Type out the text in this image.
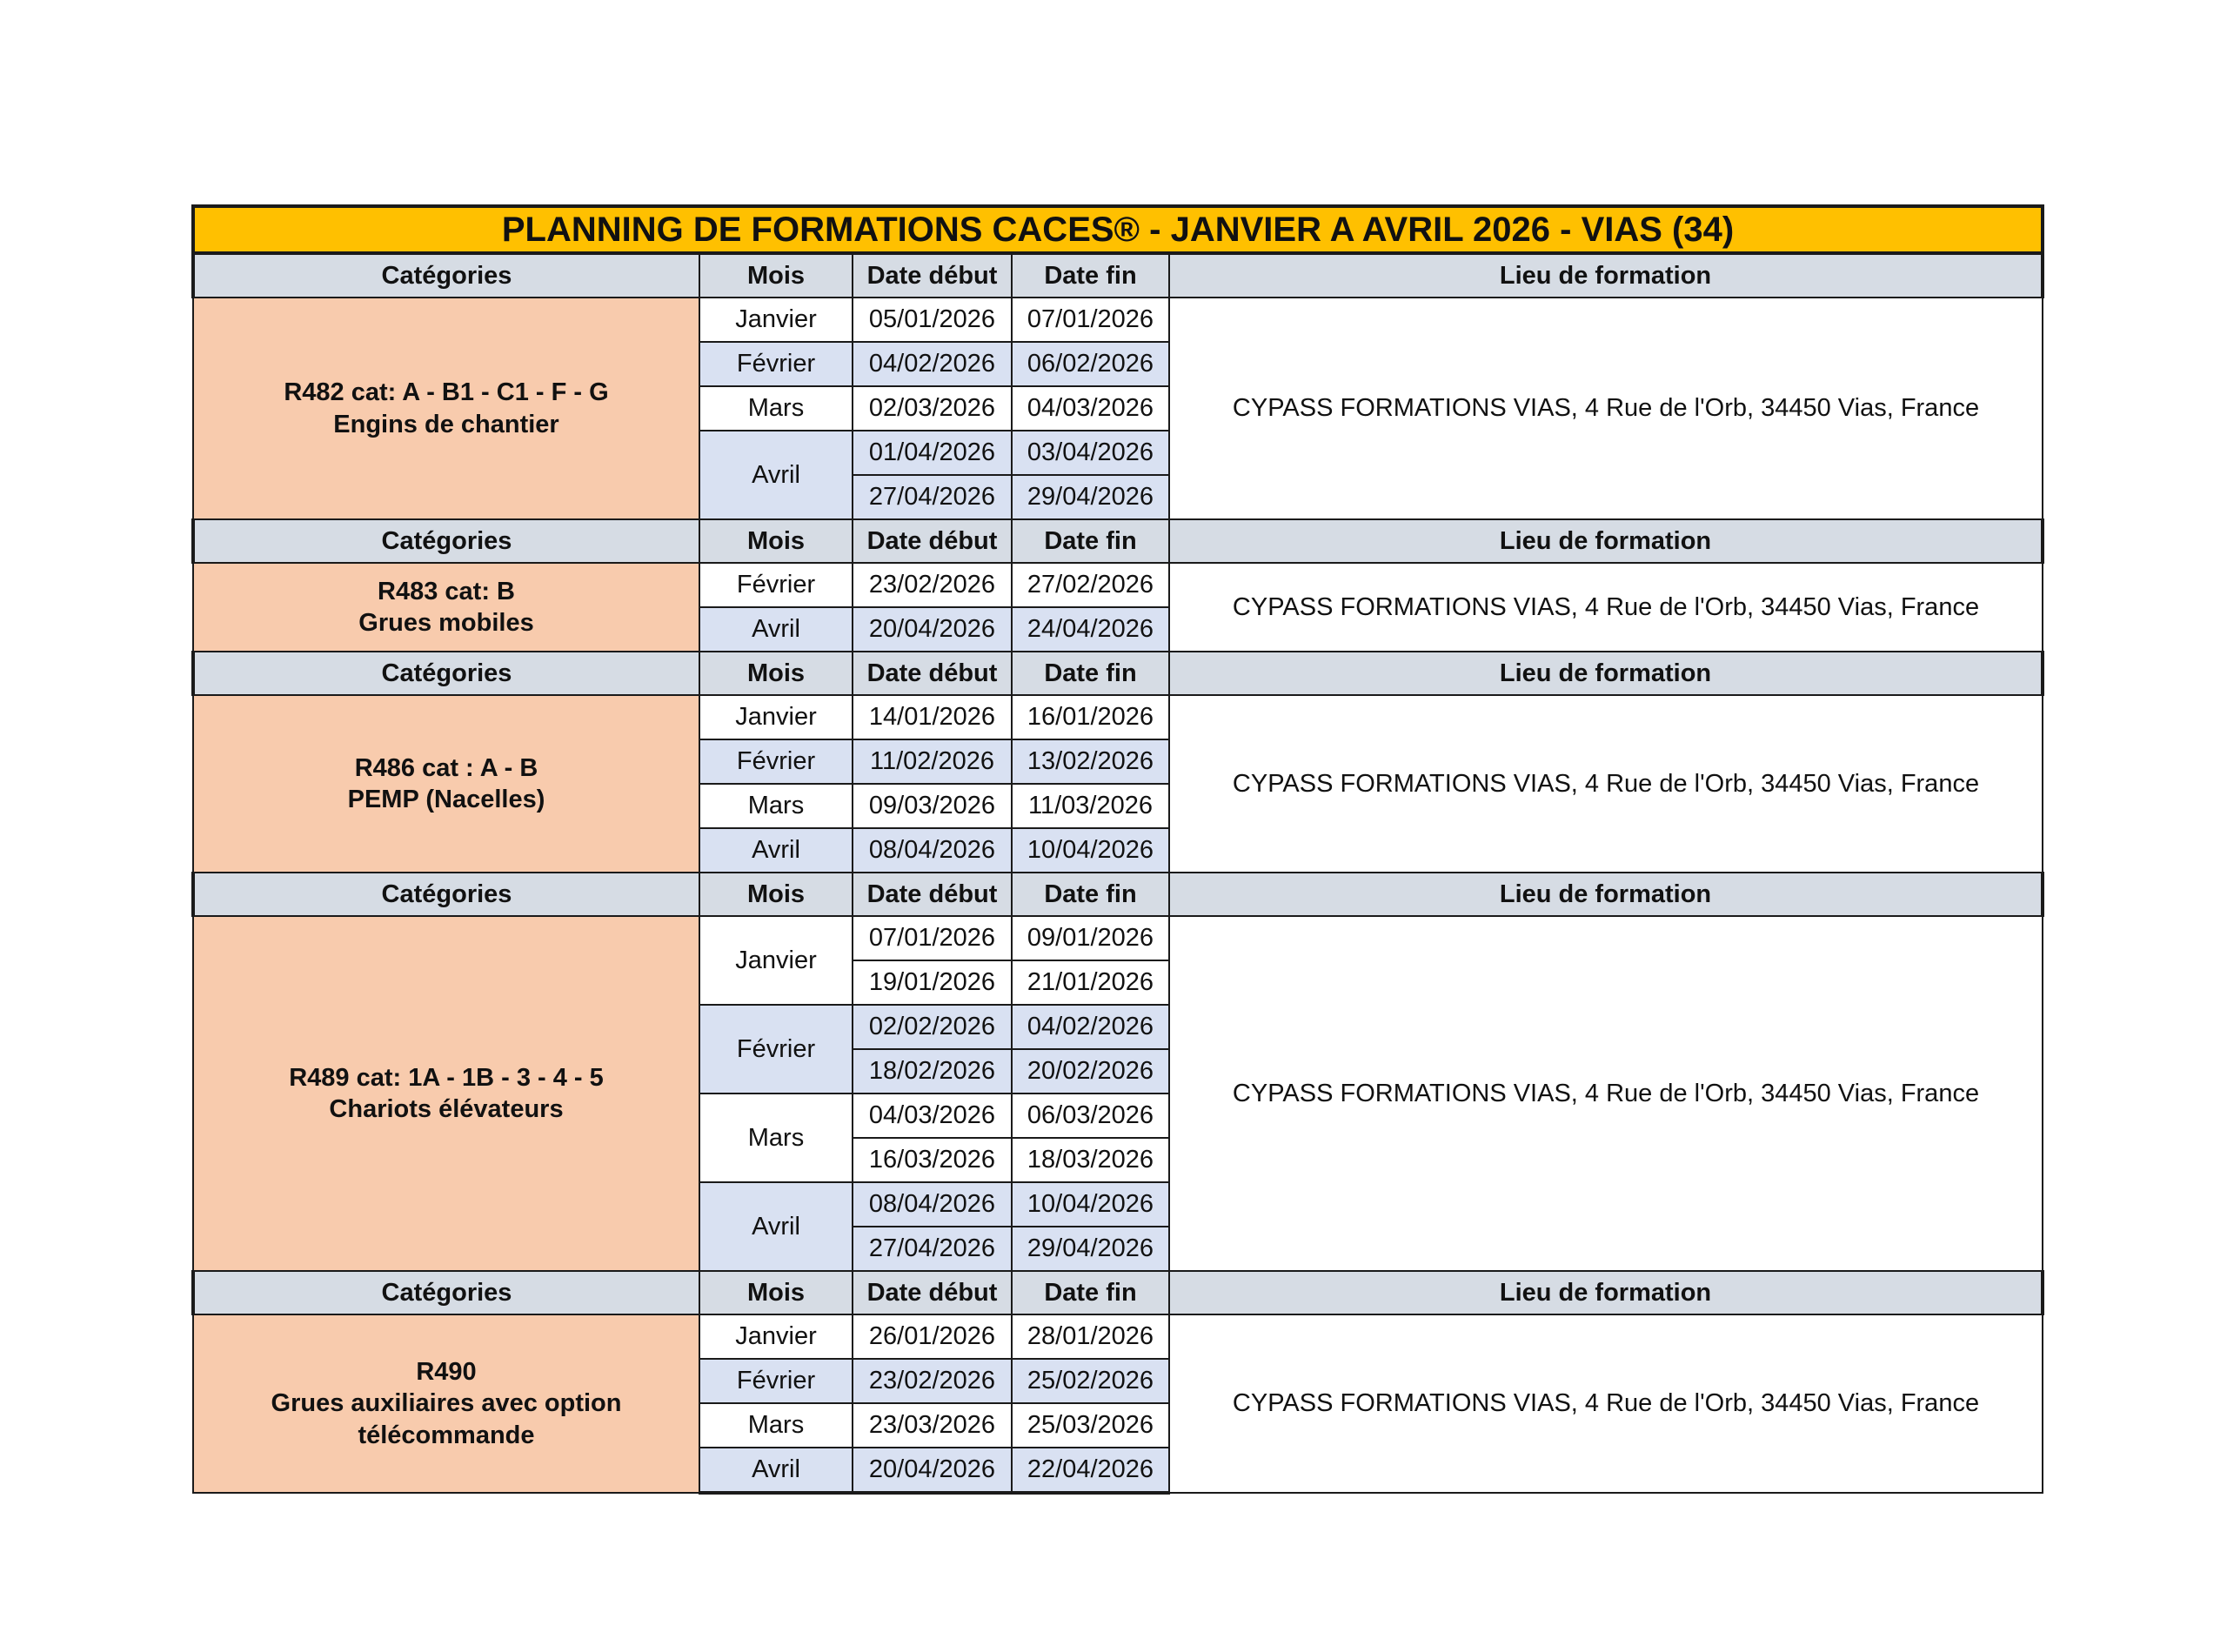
PLANNING DE FORMATIONS CACES® - JANVIER A AVRIL 2026 - VIAS (34)				
Catégories	Mois	Date début	Date fin	Lieu de formation

R482 cat: A - B1 - C1 - F - G
Engins de chantier	Janvier	05/01/2026	07/01/2026	CYPASS FORMATIONS VIAS, 4 Rue de l'Orb, 34450 Vias, France
	Février	04/02/2026	06/02/2026	
	Mars	02/03/2026	04/03/2026	
	Avril	01/04/2026	03/04/2026	
		27/04/2026	29/04/2026	
Catégories	Mois	Date début	Date fin	Lieu de formation

R483 cat: B
Grues mobiles	Février	23/02/2026	27/02/2026	CYPASS FORMATIONS VIAS, 4 Rue de l'Orb, 34450 Vias, France
	Avril	20/04/2026	24/04/2026	
Catégories	Mois	Date début	Date fin	Lieu de formation

R486 cat : A - B
PEMP (Nacelles)	Janvier	14/01/2026	16/01/2026	CYPASS FORMATIONS VIAS, 4 Rue de l'Orb, 34450 Vias, France
	Février	11/02/2026	13/02/2026	
	Mars	09/03/2026	11/03/2026	
	Avril	08/04/2026	10/04/2026	
Catégories	Mois	Date début	Date fin	Lieu de formation

R489 cat: 1A - 1B - 3 - 4 - 5
Chariots élévateurs	Janvier	07/01/2026	09/01/2026	CYPASS FORMATIONS VIAS, 4 Rue de l'Orb, 34450 Vias, France
		19/01/2026	21/01/2026	
	Février	02/02/2026	04/02/2026	
		18/02/2026	20/02/2026	
	Mars	04/03/2026	06/03/2026	
		16/03/2026	18/03/2026	
	Avril	08/04/2026	10/04/2026	
		27/04/2026	29/04/2026	
Catégories	Mois	Date début	Date fin	Lieu de formation

R490
Grues auxiliaires avec option
télécommande	Janvier	26/01/2026	28/01/2026	CYPASS FORMATIONS VIAS, 4 Rue de l'Orb, 34450 Vias, France
	Février	23/02/2026	25/02/2026	
	Mars	23/03/2026	25/03/2026	
	Avril	20/04/2026	22/04/2026	
